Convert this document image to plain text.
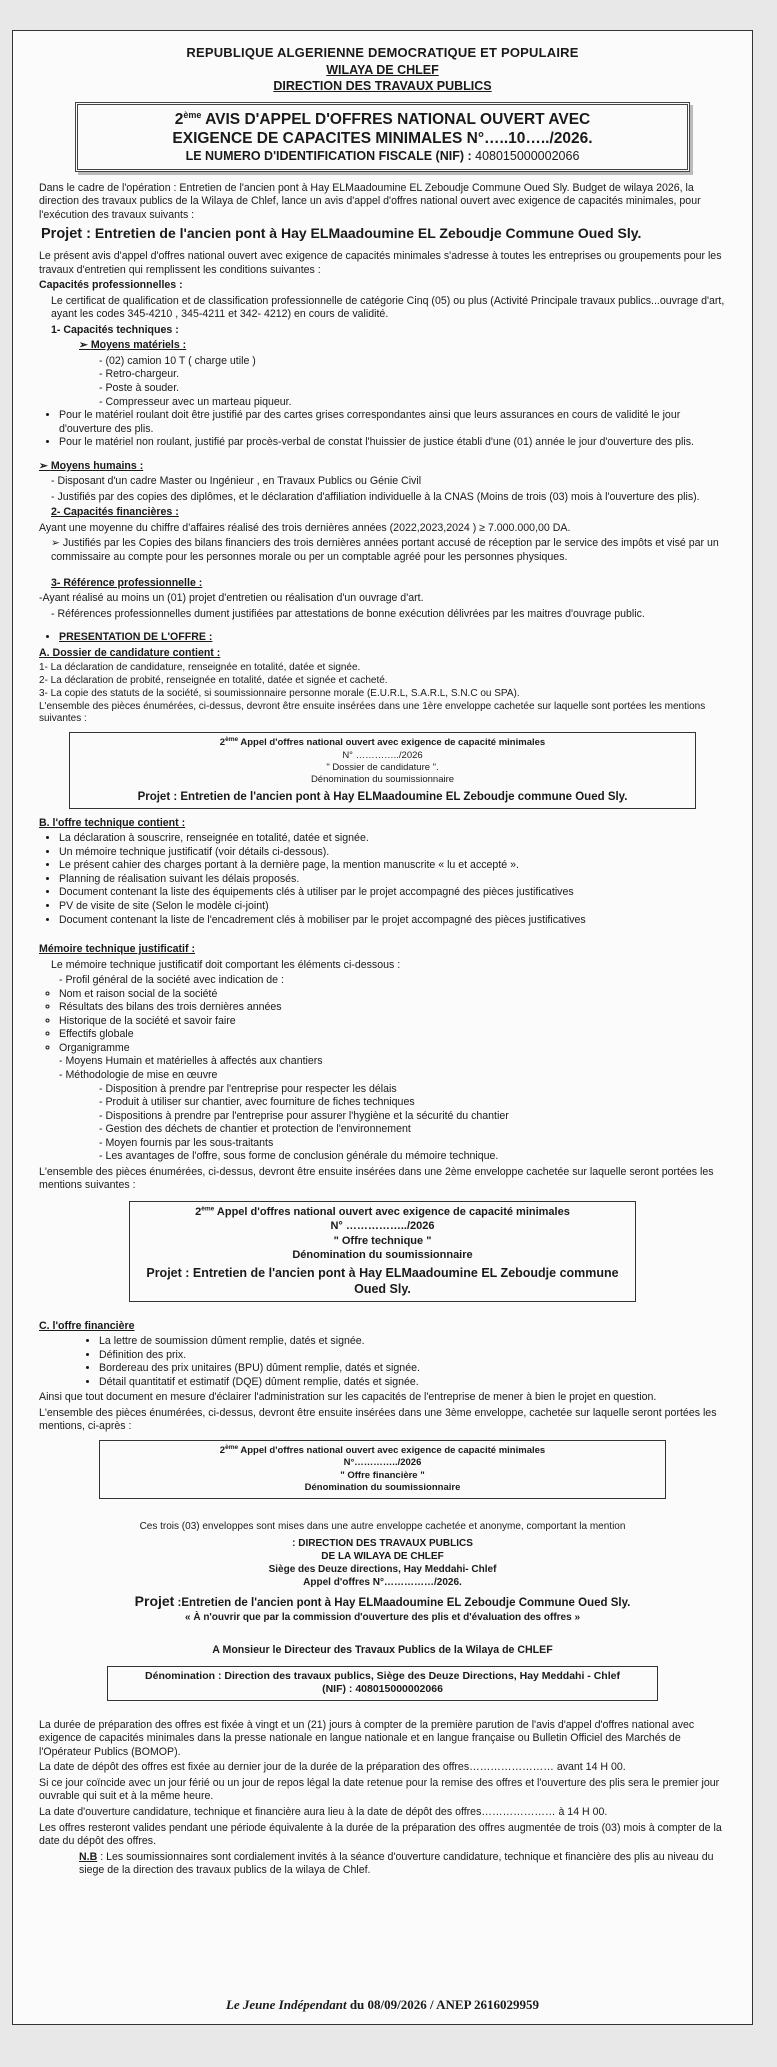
REPUBLIQUE ALGERIENNE DEMOCRATIQUE ET POPULAIRE
WILAYA DE CHLEF
DIRECTION DES TRAVAUX PUBLICS
2ème AVIS D'APPEL D'OFFRES NATIONAL OUVERT AVEC
EXIGENCE DE CAPACITES MINIMALES N°…..10…../2026.
LE NUMERO D'IDENTIFICATION FISCALE (NIF) : 408015000002066

Dans le cadre de l'opération : Entretien de l'ancien pont à Hay ELMaadoumine EL Zeboudje Commune Oued Sly. Budget de wilaya 2026, la direction des travaux publics de la Wilaya de Chlef, lance un avis d'appel d'offres national ouvert avec exigence de capacités minimales, pour l'exécution des travaux suivants :

Projet : Entretien de l'ancien pont à Hay ELMaadoumine EL Zeboudje Commune Oued Sly.

Le présent avis d'appel d'offres national ouvert avec exigence de capacités minimales s'adresse à toutes les entreprises ou groupements pour les travaux d'entretien qui remplissent les conditions suivantes :

Capacités professionnelles :

Le certificat de qualification et de classification professionnelle de catégorie Cinq (05) ou plus (Activité Principale travaux publics...ouvrage d'art, ayant les codes 345-4210 , 345-4211 et 342- 4212) en cours de validité.

1- Capacités techniques :

➢ Moyens matériels :

- (02) camion 10 T ( charge utile )
- Retro-chargeur.
- Poste à souder.
- Compresseur avec un marteau piqueur.
• Pour le matériel roulant doit être justifié par des cartes grises correspondantes ainsi que leurs assurances en cours de validité le jour d'ouverture des plis.
• Pour le matériel non roulant, justifié par procès-verbal de constat l'huissier de justice établi d'une (01) année le jour d'ouverture des plis.

➢ Moyens humains :

- Disposant d'un cadre Master ou Ingénieur , en Travaux Publics ou Génie Civil

- Justifiés par des copies des diplômes, et le déclaration d'affiliation individuelle à la CNAS (Moins de trois (03) mois à l'ouverture des plis).

2- Capacités financières :

Ayant une moyenne du chiffre d'affaires réalisé des trois dernières années (2022,2023,2024 ) ≥ 7.000.000,00 DA.

➢ Justifiés par les Copies des bilans financiers des trois dernières années portant accusé de réception par le service des impôts et visé par un commissaire au compte pour les personnes morale ou per un comptable agréé pour les personnes physiques.

3- Référence professionnelle :

-Ayant réalisé au moins un (01) projet d'entretien ou réalisation d'un ouvrage d'art.

- Références professionnelles dument justifiées par attestations de bonne exécution délivrées par les maitres d'ouvrage public.

• PRESENTATION DE L'OFFRE :

A. Dossier de candidature contient :

1- La déclaration de candidature, renseignée en totalité, datée et signée.
2- La déclaration de probité, renseignée en totalité, datée et signée et cacheté.
3- La copie des statuts de la société, si soumissionnaire personne morale (E.U.R.L, S.A.R.L, S.N.C ou SPA).
L'ensemble des pièces énumérées, ci-dessus, devront être ensuite insérées dans une 1ère enveloppe cachetée sur laquelle sont portées les mentions suivantes :
2ème Appel d'offres national ouvert avec exigence de capacité minimales
N° …………../2026
" Dossier de candidature ".
Dénomination du soumissionnaire
Projet : Entretien de l'ancien pont à Hay ELMaadoumine EL Zeboudje commune Oued Sly.

B. l'offre technique contient :

• La déclaration à souscrire, renseignée en totalité, datée et signée.
• Un mémoire technique justificatif (voir détails ci-dessous).
• Le présent cahier des charges portant à la dernière page, la mention manuscrite « lu et accepté ».
• Planning de réalisation suivant les délais proposés.
• Document contenant la liste des équipements clés à utiliser par le projet accompagné des pièces justificatives
• PV de visite de site (Selon le modèle ci-joint)
• Document contenant la liste de l'encadrement clés à mobiliser par le projet accompagné des pièces justificatives

Mémoire technique justificatif :

Le mémoire technique justificatif doit comportant les éléments ci-dessous :

- Profil général de la société avec indication de :
◦ Nom et raison social de la société
◦ Résultats des bilans des trois dernières années
◦ Historique de la société et savoir faire
◦ Effectifs globale
◦ Organigramme
- Moyens Humain et matérielles à affectés aux chantiers
- Méthodologie de mise en œuvre
- Disposition à prendre par l'entreprise pour respecter les délais
- Produit à utiliser sur chantier, avec fourniture de fiches techniques
- Dispositions à prendre par l'entreprise pour assurer l'hygiène et la sécurité du chantier
- Gestion des déchets de chantier et protection de l'environnement
- Moyen fournis par les sous-traitants
- Les avantages de l'offre, sous forme de conclusion générale du mémoire technique.

L'ensemble des pièces énumérées, ci-dessus, devront être ensuite insérées dans une 2ème enveloppe cachetée sur laquelle seront portées les mentions suivantes :

2ème Appel d'offres national ouvert avec exigence de capacité minimales
N° ……………../2026
" Offre technique "
Dénomination du soumissionnaire
Projet : Entretien de l'ancien pont à Hay ELMaadoumine EL Zeboudje commune Oued Sly.

C. l'offre financière

• La lettre de soumission dûment remplie, datés et signée.
• Définition des prix.
• Bordereau des prix unitaires (BPU) dûment remplie, datés et signée.
• Détail quantitatif et estimatif (DQE) dûment remplie, datés et signée.

Ainsi que tout document en mesure d'éclairer l'administration sur les capacités de l'entreprise de mener à bien le projet en question.

L'ensemble des pièces énumérées, ci-dessus, devront être ensuite insérées dans une 3ème enveloppe, cachetée sur laquelle seront portées les mentions, ci-après :

2ème Appel d'offres national ouvert avec exigence de capacité minimales
N°…………../2026
" Offre financière "
Dénomination du soumissionnaire

Ces trois (03) enveloppes sont mises dans une autre enveloppe cachetée et anonyme, comportant la mention

: DIRECTION DES TRAVAUX PUBLICS
DE LA WILAYA DE CHLEF
Siège des Deuze directions, Hay Meddahi- Chlef
Appel d'offres N°……………/2026.
Projet :Entretien de l'ancien pont à Hay ELMaadoumine EL Zeboudje Commune Oued Sly.
« À n'ouvrir que par la commission d'ouverture des plis et d'évaluation des offres »

A Monsieur le Directeur des Travaux Publics de la Wilaya de CHLEF

Dénomination : Direction des travaux publics, Siège des Deuze Directions, Hay Meddahi - Chlef
(NIF) : 408015000002066

La durée de préparation des offres est fixée à vingt et un (21) jours à compter de la première parution de l'avis d'appel d'offres national avec exigence de capacités minimales dans la presse nationale en langue nationale et en langue française ou Bulletin Officiel des Marchés de l'Opérateur Publics (BOMOP).

La date de dépôt des offres est fixée au dernier jour de la durée de la préparation des offres…………………… avant 14 H 00.

Si ce jour coïncide avec un jour férié ou un jour de repos légal la date retenue pour la remise des offres et l'ouverture des plis sera le premier jour ouvrable qui suit et à la même heure.

La date d'ouverture candidature, technique et financière aura lieu à la date de dépôt des offres………………… à 14 H 00.

Les offres resteront valides pendant une période équivalente à la durée de la préparation des offres augmentée de trois (03) mois à compter de la date du dépôt des offres.

N.B : Les soumissionnaires sont cordialement invités à la séance d'ouverture candidature, technique et financière des plis au niveau du siege de la direction des travaux publics de la wilaya de Chlef.

Le Jeune Indépendant du 08/09/2026 / ANEP 2616029959
